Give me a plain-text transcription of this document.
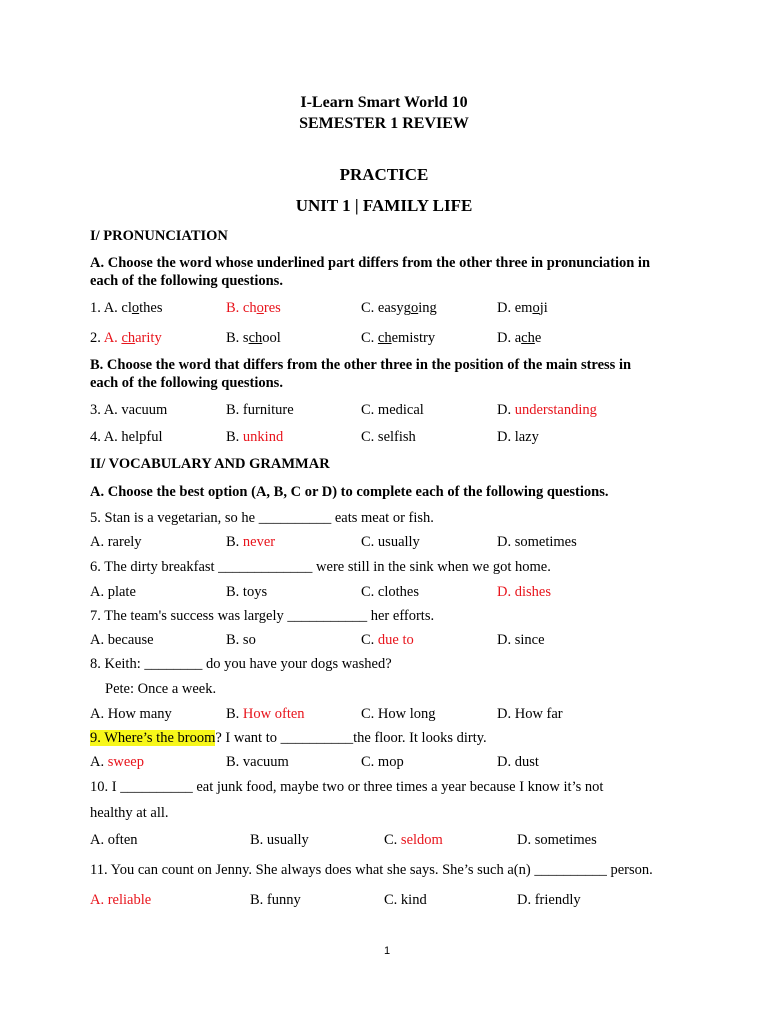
I-Learn Smart World 10
SEMESTER 1 REVIEW
PRACTICE
UNIT 1 | FAMILY LIFE
I/ PRONUNCIATION
A. Choose the word whose underlined part differs from the other three in pronunciation in
each of the following questions.
1. A. clothes	B. chores	C. easygoing	D. emoji
2. A. charity	B. school	C. chemistry	D. ache
B. Choose the word that differs from the other three in the position of the main stress in
each of the following questions.
3. A. vacuum	B. furniture	C. medical	D. understanding
4. A. helpful	B. unkind	C. selfish	D. lazy
II/ VOCABULARY AND GRAMMAR
A. Choose the best option (A, B, C or D) to complete each of the following questions.
5. Stan is a vegetarian, so he __________ eats meat or fish.
A. rarely	B. never	C. usually	D. sometimes
6. The dirty breakfast _____________ were still in the sink when we got home.
A. plate	B. toys	C. clothes	D. dishes
7. The team's success was largely ___________ her efforts.
A. because	B. so	C. due to	D. since
8. Keith: ________ do you have your dogs washed?
Pete: Once a week.
A. How many	B. How often	C. How long	D. How far
9. Where’s the broom? I want to __________the floor. It looks dirty.
A. sweep	B. vacuum	C. mop	D. dust
10. I __________ eat junk food, maybe two or three times a year because I know it’s not
healthy at all.
A. often	B. usually	C. seldom	D. sometimes
11. You can count on Jenny. She always does what she says. She’s such a(n) __________ person.
A. reliable	B. funny	C. kind	D. friendly
1
